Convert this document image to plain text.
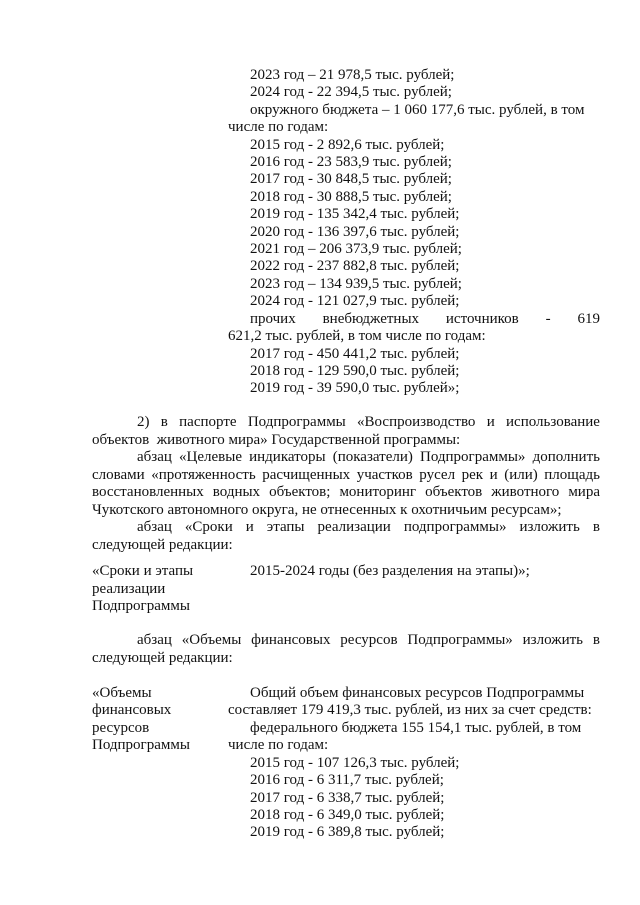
2023 год – 21 978,5 тыс. рублей;
2024 год - 22 394,5 тыс. рублей;
окружного бюджета – 1 060 177,6 тыс. рублей, в том
числе по годам:
2015 год - 2 892,6 тыс. рублей;
2016 год - 23 583,9 тыс. рублей;
2017 год - 30 848,5 тыс. рублей;
2018 год - 30 888,5 тыс. рублей;
2019 год - 135 342,4 тыс. рублей;
2020 год - 136 397,6 тыс. рублей;
2021 год – 206 373,9 тыс. рублей;
2022 год - 237 882,8 тыс. рублей;
2023 год – 134 939,5 тыс. рублей;
2024 год - 121 027,9 тыс. рублей;
прочих внебюджетных источников - 619
621,2 тыс. рублей, в том числе по годам:
2017 год - 450 441,2 тыс. рублей;
2018 год - 129 590,0 тыс. рублей;
2019 год - 39 590,0 тыс. рублей»;
2) в паспорте Подпрограммы «Воспроизводство и использование
объектов  животного мира» Государственной программы:
абзац «Целевые индикаторы (показатели) Подпрограммы» дополнить
словами «протяженность расчищенных участков русел рек и (или) площадь
восстановленных водных объектов; мониторинг объектов животного мира
Чукотского автономного округа, не отнесенных к охотничьим ресурсам»;
абзац «Сроки и этапы реализации подпрограммы» изложить в
следующей редакции:
«Сроки и этапы
реализации
Подпрограммы
2015-2024 годы (без разделения на этапы)»;
абзац «Объемы финансовых ресурсов Подпрограммы» изложить в
следующей редакции:
«Объемы
финансовых
ресурсов
Подпрограммы
Общий объем финансовых ресурсов Подпрограммы
составляет 179 419,3 тыс. рублей, из них за счет средств:
федерального бюджета 155 154,1 тыс. рублей, в том
числе по годам:
2015 год - 107 126,3 тыс. рублей;
2016 год - 6 311,7 тыс. рублей;
2017 год - 6 338,7 тыс. рублей;
2018 год - 6 349,0 тыс. рублей;
2019 год - 6 389,8 тыс. рублей;
